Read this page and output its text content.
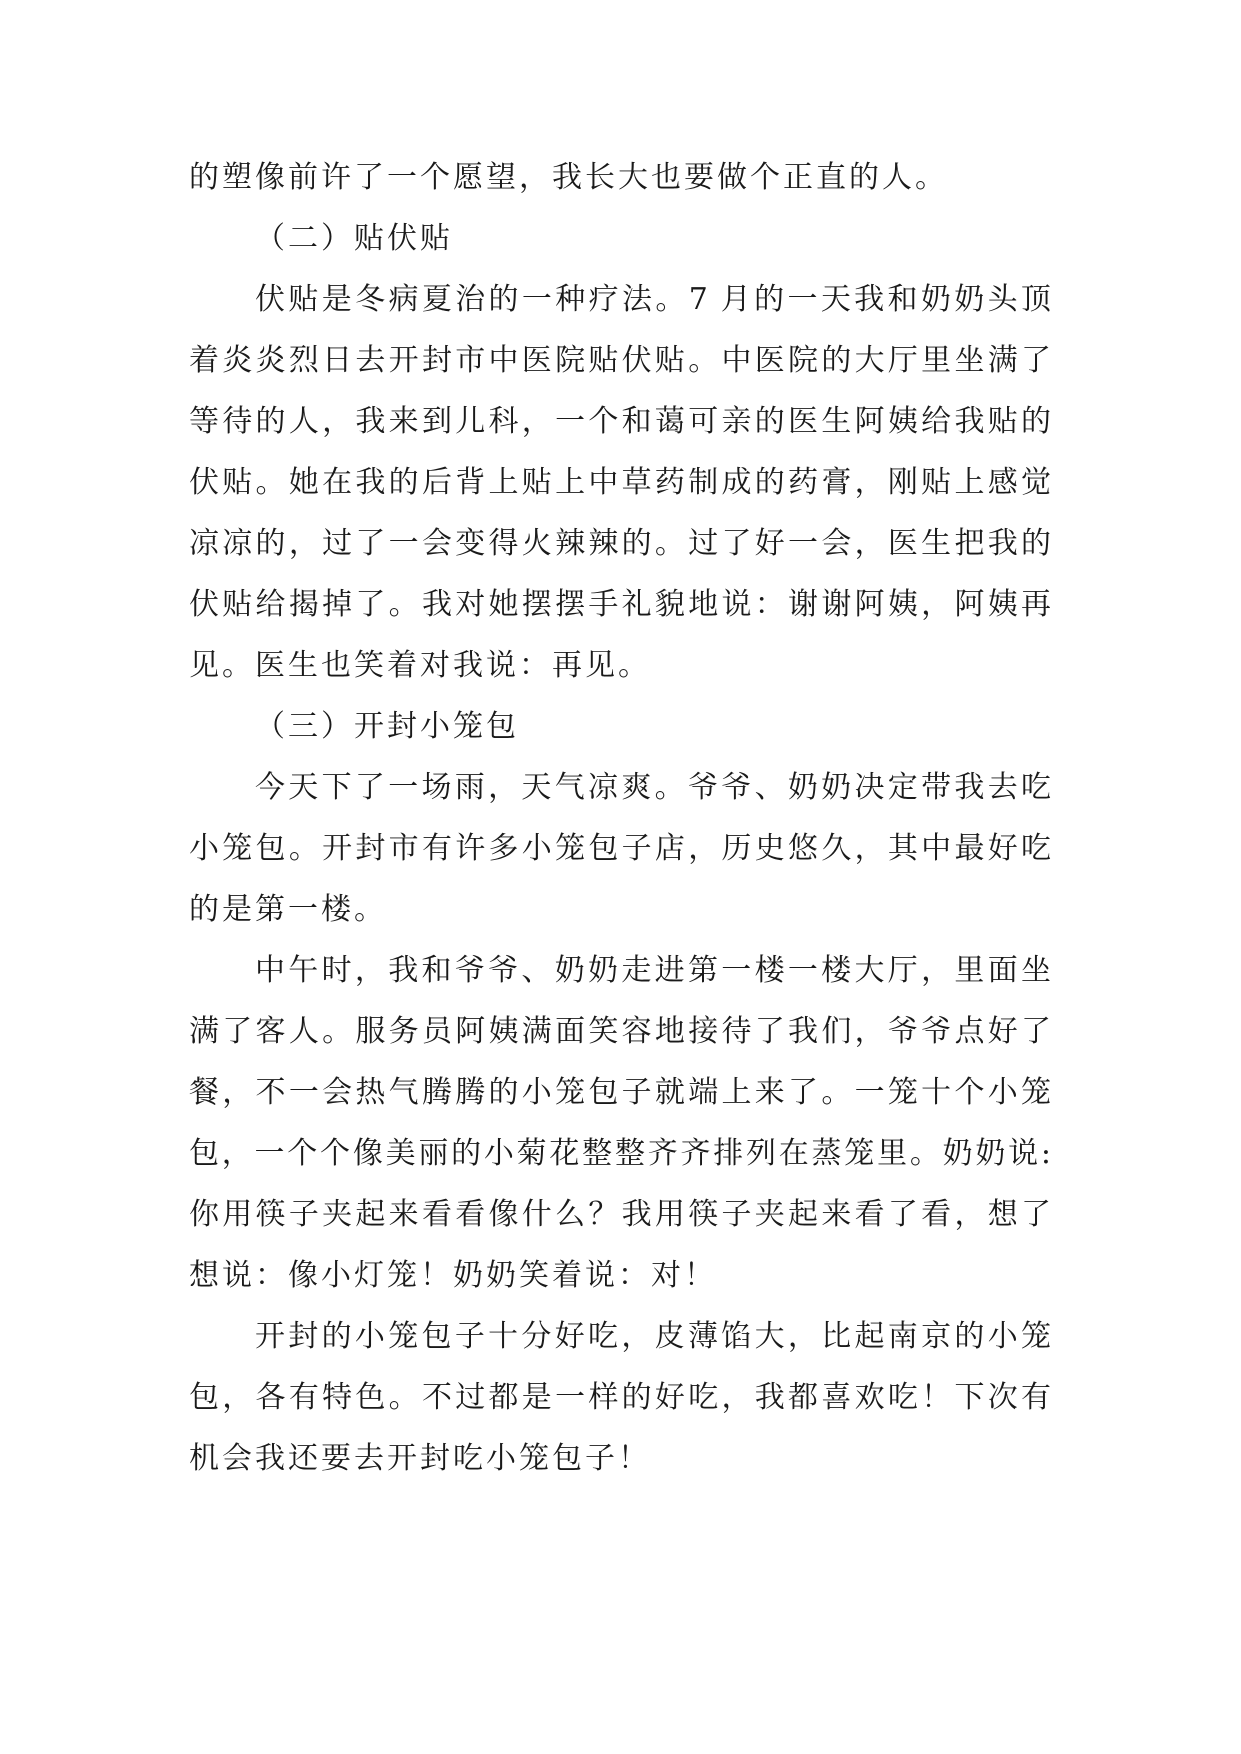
的塑像前许了一个愿望，我长大也要做个正直的人。
（二）贴伏贴
伏贴是冬病夏治的一种疗法。7 月的一天我和奶奶头顶
着炎炎烈日去开封市中医院贴伏贴。中医院的大厅里坐满了
等待的人，我来到儿科，一个和蔼可亲的医生阿姨给我贴的
伏贴。她在我的后背上贴上中草药制成的药膏，刚贴上感觉
凉凉的，过了一会变得火辣辣的。过了好一会，医生把我的
伏贴给揭掉了。我对她摆摆手礼貌地说：谢谢阿姨，阿姨再
见。医生也笑着对我说：再见。
（三）开封小笼包
今天下了一场雨，天气凉爽。爷爷、奶奶决定带我去吃
小笼包。开封市有许多小笼包子店，历史悠久，其中最好吃
的是第一楼。
中午时，我和爷爷、奶奶走进第一楼一楼大厅，里面坐
满了客人。服务员阿姨满面笑容地接待了我们，爷爷点好了
餐，不一会热气腾腾的小笼包子就端上来了。一笼十个小笼
包，一个个像美丽的小菊花整整齐齐排列在蒸笼里。奶奶说:
你用筷子夹起来看看像什么？我用筷子夹起来看了看，想了
想说：像小灯笼！奶奶笑着说：对！
开封的小笼包子十分好吃，皮薄馅大，比起南京的小笼
包，各有特色。不过都是一样的好吃，我都喜欢吃！下次有
机会我还要去开封吃小笼包子！
